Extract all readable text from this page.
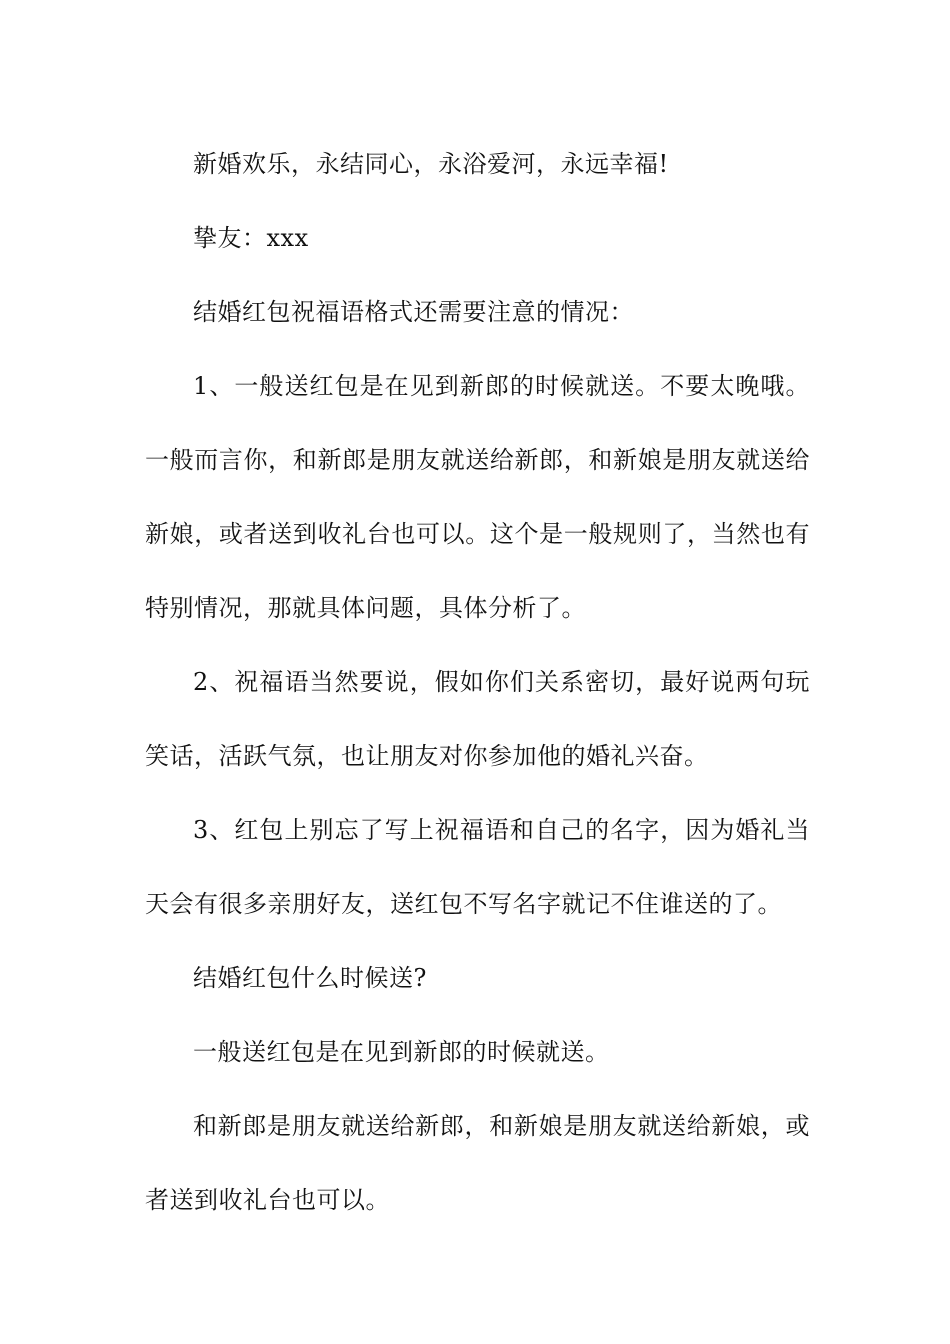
新婚欢乐，永结同心，永浴爱河，永远幸福!

挚友：xxx

结婚红包祝福语格式还需要注意的情况：

1、一般送红包是在见到新郎的时候就送。不要太晚哦。一般而言你，和新郎是朋友就送给新郎，和新娘是朋友就送给新娘，或者送到收礼台也可以。这个是一般规则了，当然也有特别情况，那就具体问题，具体分析了。

2、祝福语当然要说，假如你们关系密切，最好说两句玩笑话，活跃气氛，也让朋友对你参加他的婚礼兴奋。

3、红包上别忘了写上祝福语和自己的名字，因为婚礼当天会有很多亲朋好友，送红包不写名字就记不住谁送的了。

结婚红包什么时候送?

一般送红包是在见到新郎的时候就送。

和新郎是朋友就送给新郎，和新娘是朋友就送给新娘，或者送到收礼台也可以。
